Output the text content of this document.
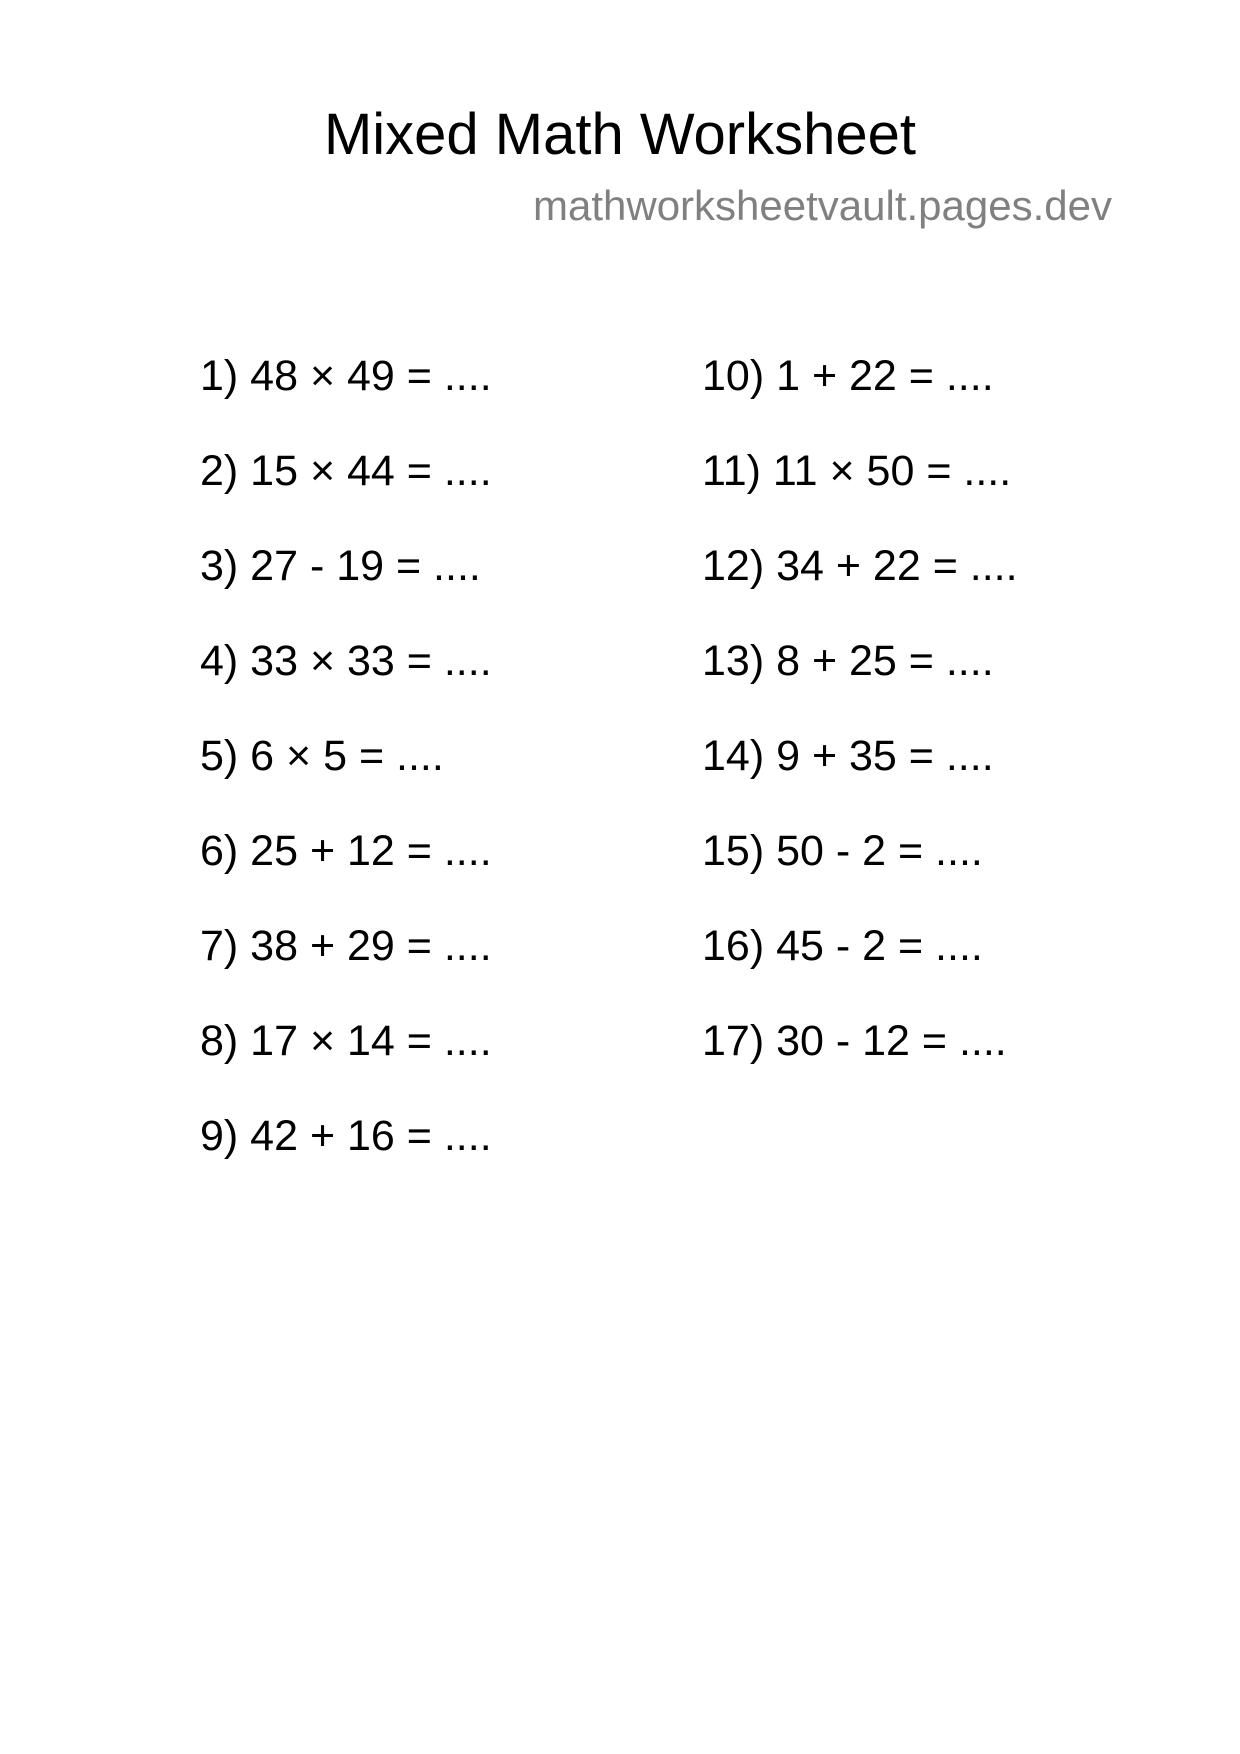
Mixed Math Worksheet
mathworksheetvault.pages.dev
1) 48 × 49 = ....
2) 15 × 44 = ....
3) 27 - 19 = ....
4) 33 × 33 = ....
5) 6 × 5 = ....
6) 25 + 12 = ....
7) 38 + 29 = ....
8) 17 × 14 = ....
9) 42 + 16 = ....
10) 1 + 22 = ....
11) 11 × 50 = ....
12) 34 + 22 = ....
13) 8 + 25 = ....
14) 9 + 35 = ....
15) 50 - 2 = ....
16) 45 - 2 = ....
17) 30 - 12 = ....
